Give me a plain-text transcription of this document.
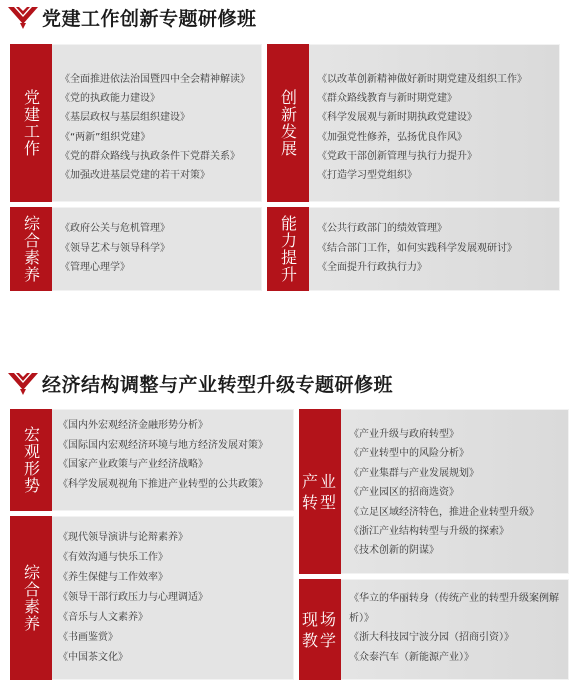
党建工作创新专题研修班
党建工作
《全面推进依法治国暨四中全会精神解读》
《党的执政能力建设》
《基层政权与基层组织建设》
《“两新”组织党建》
《党的群众路线与执政条件下党群关系》
《加强改进基层党建的若干对策》
创新发展
《以改革创新精神做好新时期党建及组织工作》
《群众路线教育与新时期党建》
《科学发展观与新时期执政党建设》
《加强党性修养，弘扬优良作风》
《党政干部创新管理与执行力提升》
《打造学习型党组织》
综合素养 《政府公关与危机管理》
《领导艺术与领导科学》
《管理心理学》	能力提升 《公共行政部门的绩效管理》
《结合部门工作，如何实践科学发展观研讨》
《全面提升行政执行力》
经济结构调整与产业转型升级专题研修班
宏观形势
《国内外宏观经济金融形势分析》
《国际国内宏观经济环境与地方经济发展对策》
《国家产业政策与产业经济战略》
《科学发展观视角下推进产业转型的公共政策》
综合素养
《现代领导演讲与论辩素养》
《有效沟通与快乐工作》
《养生保健与工作效率》
《领导干部行政压力与心理调适》
《音乐与人文素养》
《书画鉴赏》
《中国茶文化》
产业转型
《产业升级与政府转型》
《产业转型中的风险分析》
《产业集群与产业发展规划》
《产业园区的招商选资》
《立足区域经济特色，推进企业转型升级》
《浙江产业结构转型与升级的探索》
《技术创新的阴谋》
现场教学
《华立的华丽转身（传统产业的转型升级案例解析）》
《浙大科技园宁波分园（招商引资）》
《众泰汽车（新能源产业）》
